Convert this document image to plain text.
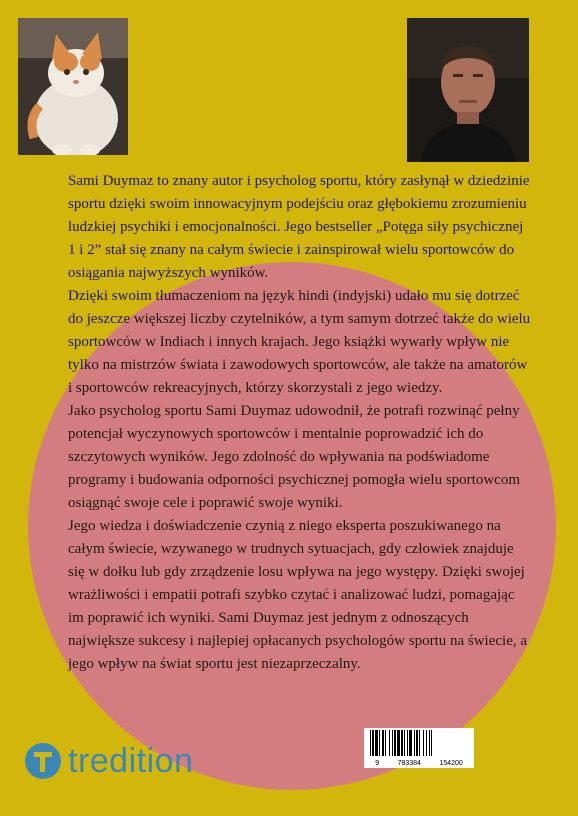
Sami Duymaz to znany autor i psycholog sportu, który zasłynął w dziedzinie sportu dzięki swoim innowacyjnym podejściu oraz głębokiemu zrozumieniu ludzkiej psychiki i emocjonalności. Jego bestseller „Potęga siły psychicznej 1 i 2” stał się znany na całym świecie i zainspirował wielu sportowców do osiągania najwyższych wyników.

Dzięki swoim tłumaczeniom na język hindi (indyjski) udało mu się dotrzeć do jeszcze większej liczby czytelników, a tym samym dotrzeć także do wielu sportowców w Indiach i innych krajach. Jego książki wywarły wpływ nie tylko na mistrzów świata i zawodowych sportowców, ale także na amatorów i sportowców rekreacyjnych, którzy skorzystali z jego wiedzy.

Jako psycholog sportu Sami Duymaz udowodnił, że potrafi rozwinąć pełny potencjał wyczynowych sportowców i mentalnie poprowadzić ich do szczytowych wyników. Jego zdolność do wpływania na podświadome programy i budowania odporności psychicznej pomogła wielu sportowcom osiągnąć swoje cele i poprawić swoje wyniki.

Jego wiedza i doświadczenie czynią z niego eksperta poszukiwanego na całym świecie, wzywanego w trudnych sytuacjach, gdy człowiek znajduje się w dołku lub gdy zrządzenie losu wpływa na jego występy. Dzięki swojej wrażliwości i empatii potrafi szybko czytać i analizować ludzi, pomagając im poprawić ich wyniki. Sami Duymaz jest jednym z odnoszących największe sukcesy i najlepiej opłacanych psychologów sportu na świecie, a jego wpływ na świat sportu jest niezaprzeczalny.

tredition	9	783384	154200
